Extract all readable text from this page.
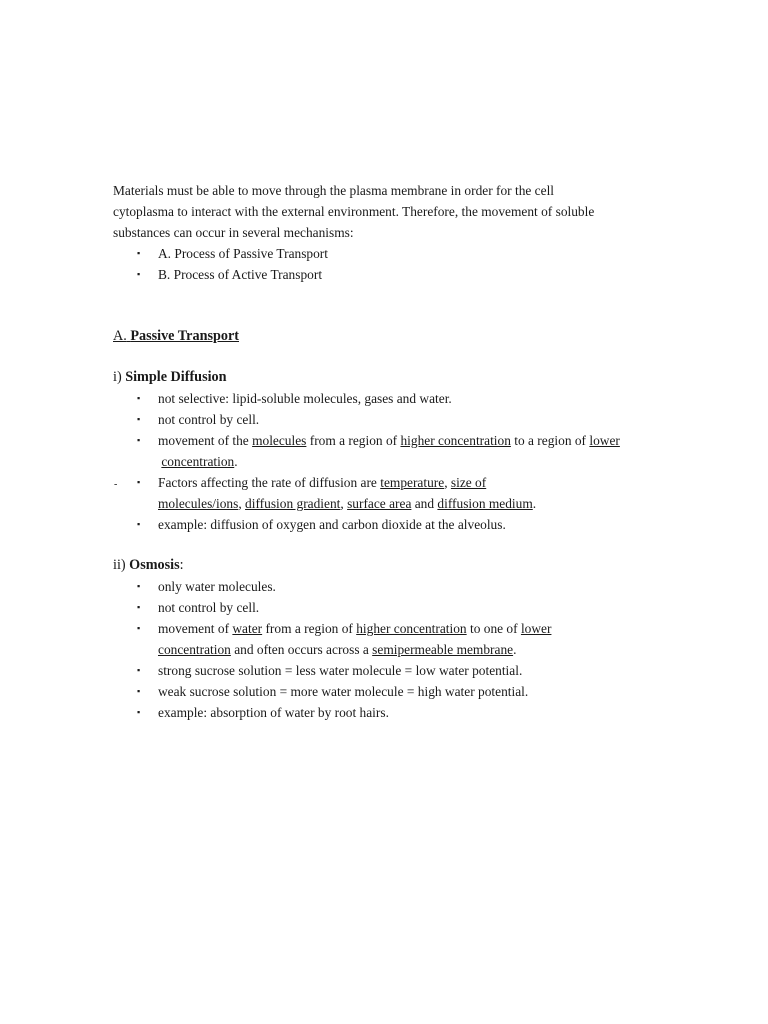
Materials must be able to move through the plasma membrane in order for the cell
cytoplasma to interact with the external environment. Therefore, the movement of soluble
substances can occur in several mechanisms:

▪ A. Process of Passive Transport
▪ B. Process of Active Transport
A. Passive Transport
i) Simple Diffusion
▪ not selective: lipid-soluble molecules, gases and water.
▪ not control by cell.
▪ movement of the molecules from a region of higher concentration to a region of lower
concentration.
▪ Factors affecting the rate of diffusion are temperature, size of
molecules/ions, diffusion gradient, surface area and diffusion medium.
▪ example: diffusion of oxygen and carbon dioxide at the alveolus.
ii) Osmosis:
▪ only water molecules.
▪ not control by cell.
▪ movement of water from a region of higher concentration to one of lower
concentration and often occurs across a semipermeable membrane.
▪ strong sucrose solution = less water molecule = low water potential.
▪ weak sucrose solution = more water molecule = high water potential.
▪ example: absorption of water by root hairs.
-
